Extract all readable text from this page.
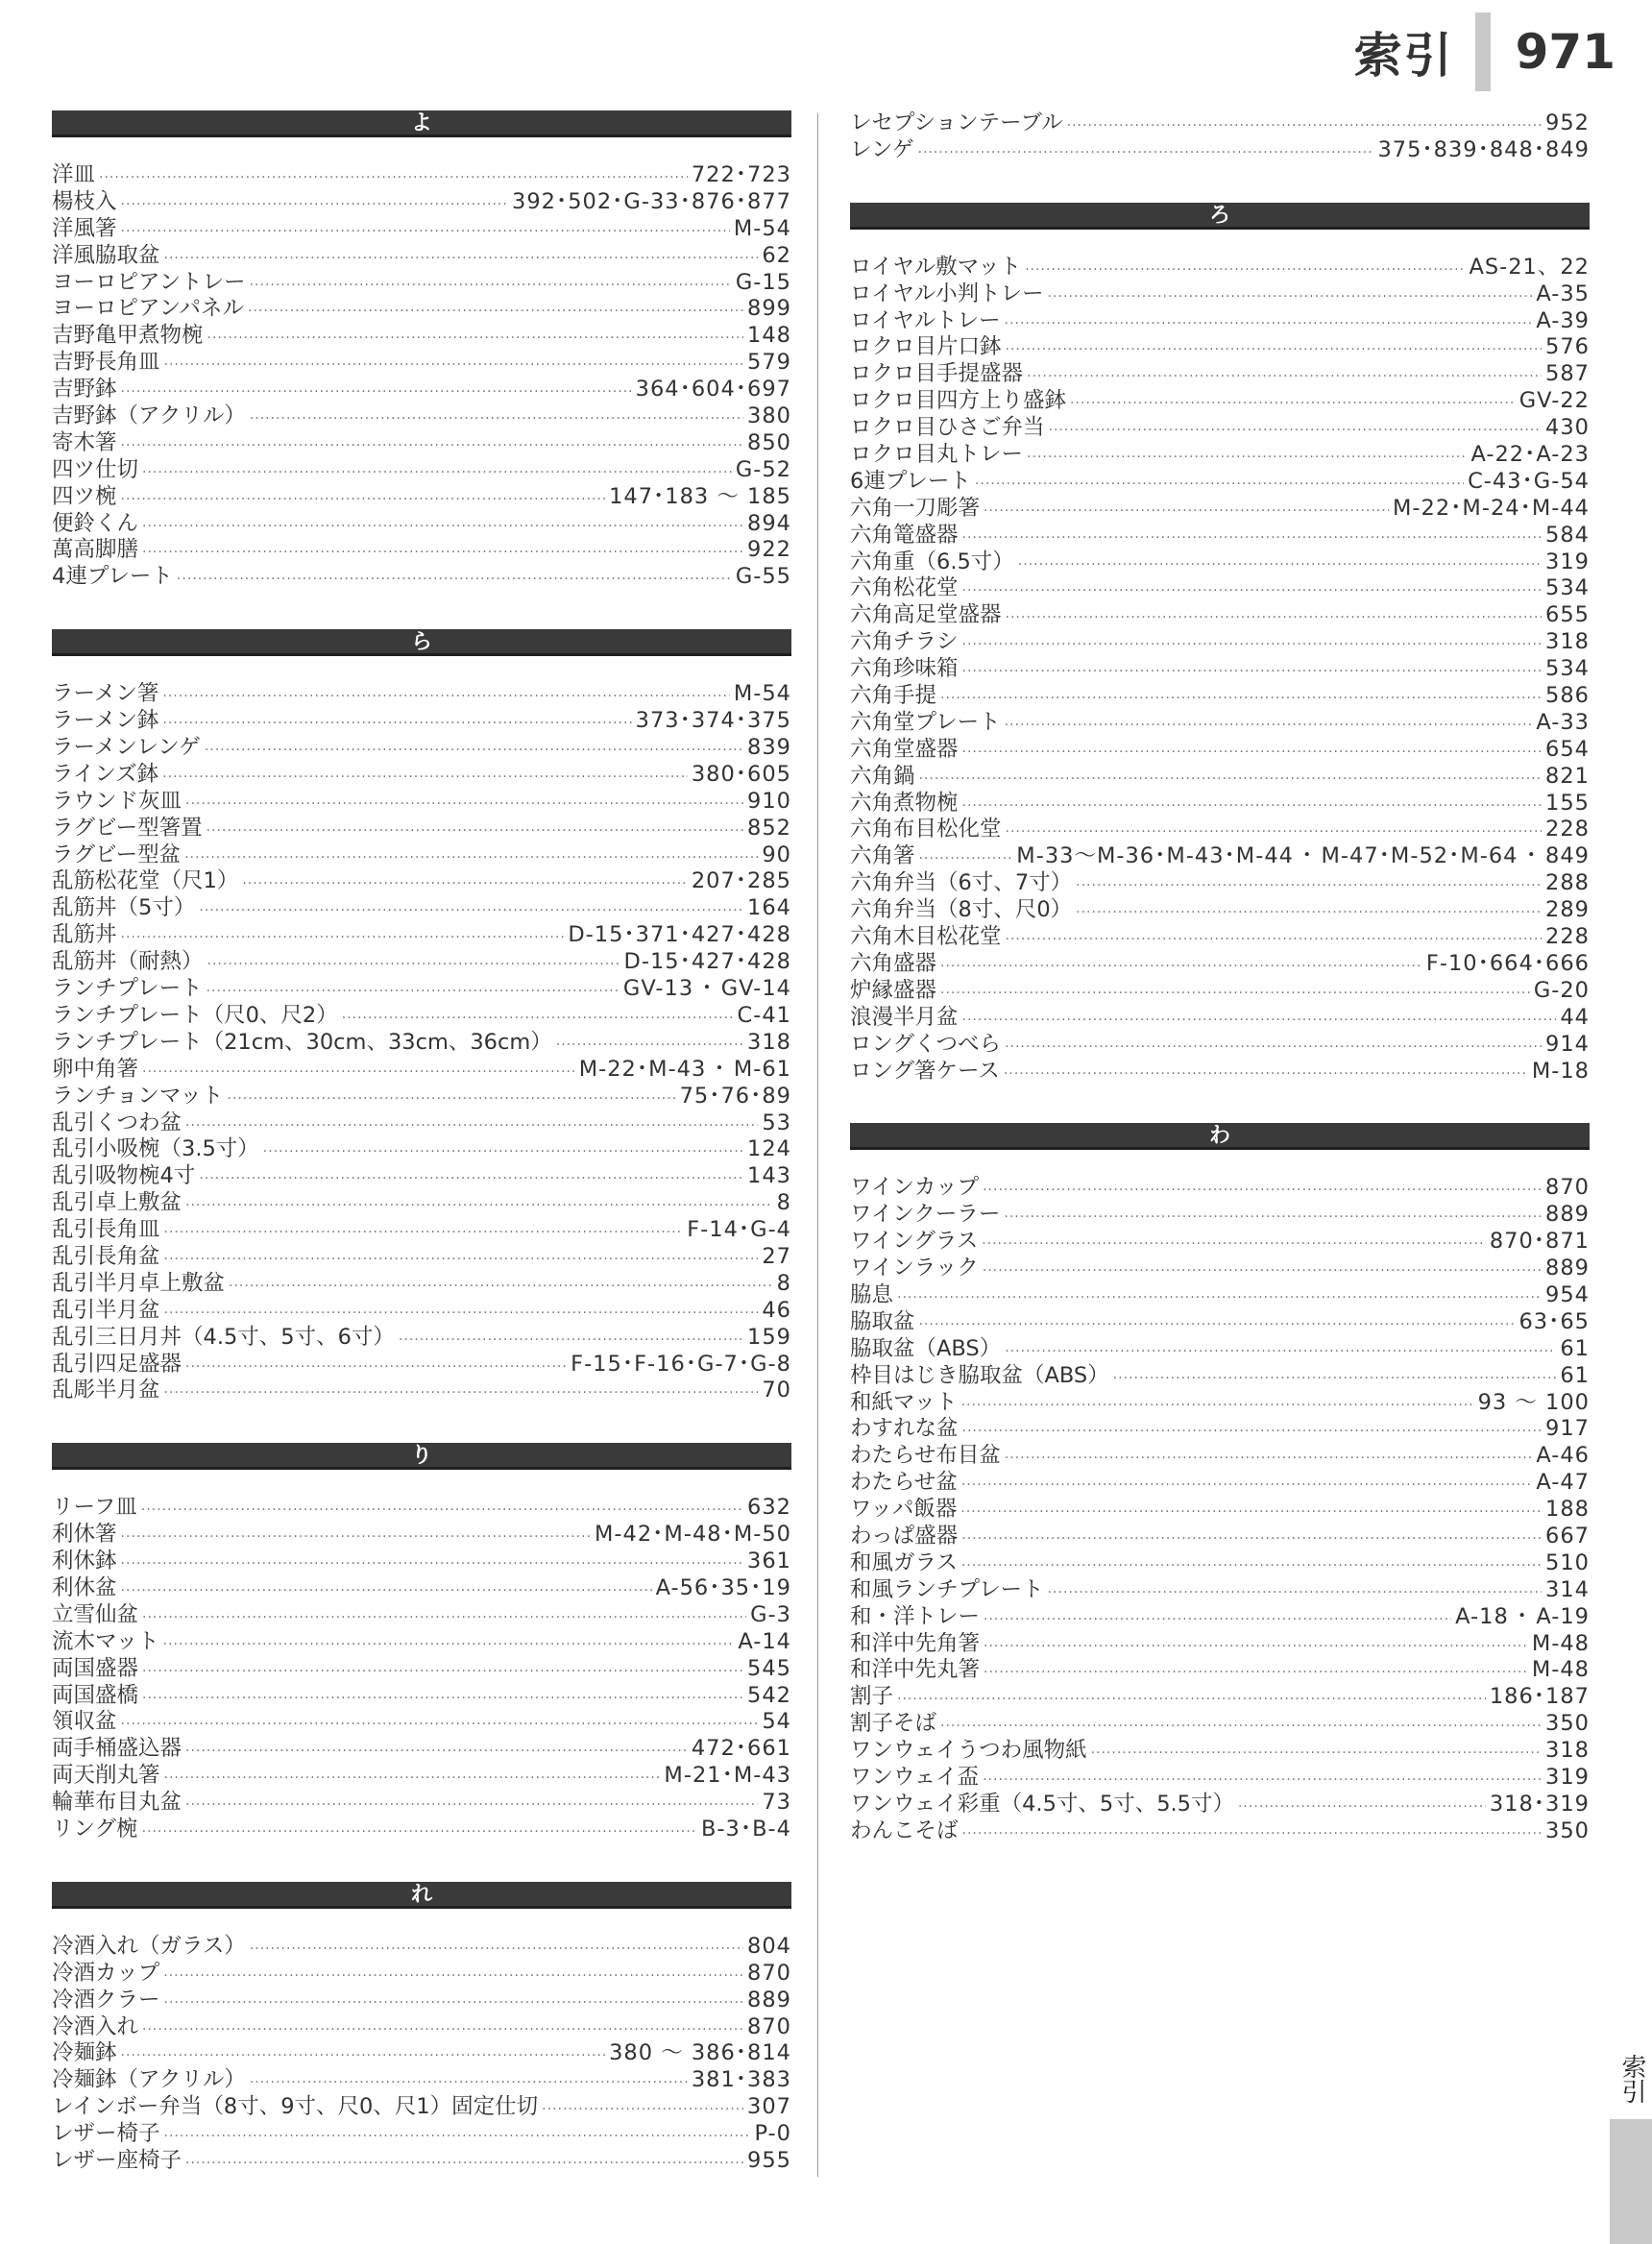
索引 971
よ
洋皿 ·····	722･723
楊枝入 ·····	392･502･G-33･876･877
洋風箸 ·····	M-54
洋風脇取盆 ·····	62
ヨーロピアントレー ·····	G-15
ヨーロピアンパネル ·····	899
吉野亀甲煮物椀 ·····	148
吉野長角皿 ·····	579
吉野鉢 ·····	364･604･697
吉野鉢（アクリル） ·····	380
寄木箸 ·····	850
四ツ仕切 ·····	G-52
四ツ椀 ·····	147･183 ～ 185
便鈴くん ·····	894
萬高脚膳 ·····	922
4連プレート ·····	G-55
ら
ラーメン箸 ·····	M-54
ラーメン鉢 ·····	373･374･375
ラーメンレンゲ ·····	839
ラインズ鉢 ·····	380･605
ラウンド灰皿 ·····	910
ラグビー型箸置 ·····	852
ラグビー型盆 ·····	90
乱筋松花堂（尺1） ·····	207･285
乱筋丼（5寸） ·····	164
乱筋丼 ·····	D-15･371･427･428
乱筋丼（耐熱） ·····	D-15･427･428
ランチプレート ·····	GV-13 ･ GV-14
ランチプレート（尺0、尺2） ·····	C-41
ランチプレート（21cm、30cm、33cm、36cm） ·····	318
卵中角箸 ·····	M-22･M-43 ･ M-61
ランチョンマット ·····	75･76･89
乱引くつわ盆 ·····	53
乱引小吸椀（3.5寸） ·····	124
乱引吸物椀4寸 ·····	143
乱引卓上敷盆 ·····	8
乱引長角皿 ·····	F-14･G-4
乱引長角盆 ·····	27
乱引半月卓上敷盆 ·····	8
乱引半月盆 ·····	46
乱引三日月丼（4.5寸、5寸、6寸） ·····	159
乱引四足盛器 ·····	F-15･F-16･G-7･G-8
乱彫半月盆 ·····	70
り
リーフ皿 ·····	632
利休箸 ·····	M-42･M-48･M-50
利休鉢 ·····	361
利休盆 ·····	A-56･35･19
立雪仙盆 ·····	G-3
流木マット ·····	A-14
両国盛器 ·····	545
両国盛橋 ·····	542
領収盆 ·····	54
両手桶盛込器 ·····	472･661
両天削丸箸 ·····	M-21･M-43
輪華布目丸盆 ·····	73
リング椀 ·····	B-3･B-4
れ
冷酒入れ（ガラス） ·····	804
冷酒カップ ·····	870
冷酒クラー ·····	889
冷酒入れ ·····	870
冷麺鉢 ·····	380 ～ 386･814
冷麺鉢（アクリル） ·····	381･383
レインボー弁当（8寸、9寸、尺0、尺1）固定仕切 ·····	307
レザー椅子 ·····	P-0
レザー座椅子 ·····	955
レセプションテーブル ·····	952
レンゲ ·····	375･839･848･849
ろ
ロイヤル敷マット ·····	AS-21、22
ロイヤル小判トレー ·····	A-35
ロイヤルトレー ·····	A-39
ロクロ目片口鉢 ·····	576
ロクロ目手提盛器 ·····	587
ロクロ目四方上り盛鉢 ·····	GV-22
ロクロ目ひさご弁当 ·····	430
ロクロ目丸トレー ·····	A-22･A-23
6連プレート ·····	C-43･G-54
六角一刀彫箸 ·····	M-22･M-24･M-44
六角篭盛器 ·····	584
六角重（6.5寸） ·····	319
六角松花堂 ·····	534
六角高足堂盛器 ·····	655
六角チラシ ·····	318
六角珍味箱 ·····	534
六角手提 ·····	586
六角堂プレート ·····	A-33
六角堂盛器 ·····	654
六角鍋 ·····	821
六角煮物椀 ·····	155
六角布目松化堂 ·····	228
六角箸 ·····	M-33～M-36･M-43･M-44 ･ M-47･M-52･M-64 ･ 849
六角弁当（6寸、7寸） ·····	288
六角弁当（8寸、尺0） ·····	289
六角木目松花堂 ·····	228
六角盛器 ·····	F-10･664･666
炉縁盛器 ·····	G-20
浪漫半月盆 ·····	44
ロングくつべら ·····	914
ロング箸ケース ·····	M-18
わ
ワインカップ ·····	870
ワインクーラー ·····	889
ワイングラス ·····	870･871
ワインラック ·····	889
脇息 ·····	954
脇取盆 ·····	63･65
脇取盆（ABS） ·····	61
枠目はじき脇取盆（ABS） ·····	61
和紙マット ·····	93 ～ 100
わすれな盆 ·····	917
わたらせ布目盆 ·····	A-46
わたらせ盆 ·····	A-47
ワッパ飯器 ·····	188
わっぱ盛器 ·····	667
和風ガラス ·····	510
和風ランチプレート ·····	314
和・洋トレー ·····	A-18 ･ A-19
和洋中先角箸 ·····	M-48
和洋中先丸箸 ·····	M-48
割子 ·····	186･187
割子そば ·····	350
ワンウェイうつわ風物紙 ·····	318
ワンウェイ盃 ·····	319
ワンウェイ彩重（4.5寸、5寸、5.5寸） ·····	318･319
わんこそば ·····	350
索引
